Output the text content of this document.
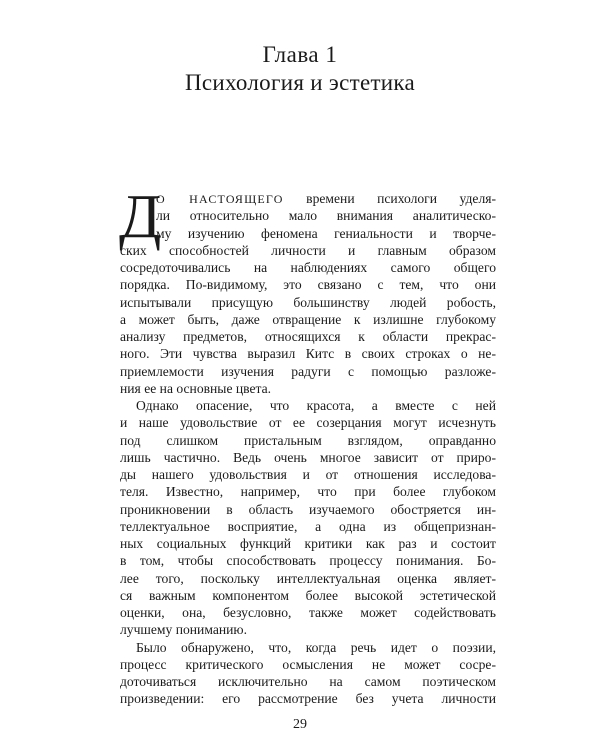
Глава 1
Психология и эстетика
Д
О НАСТОЯЩЕГО времени психологи уделя-
ли относительно мало внимания аналитическо-
му изучению феномена гениальности и творче-
ских способностей личности и главным образом
сосредоточивались на наблюдениях самого общего
порядка. По-видимому, это связано с тем, что они
испытывали присущую большинству людей робость,
а может быть, даже отвращение к излишне глубокому
анализу предметов, относящихся к области прекрас-
ного. Эти чувства выразил Китс в своих строках о не-
приемлемости изучения радуги с помощью разложе-
ния ее на основные цвета.
Однако опасение, что красота, а вместе с ней
и наше удовольствие от ее созерцания могут исчезнуть
под слишком пристальным взглядом, оправданно
лишь частично. Ведь очень многое зависит от приро-
ды нашего удовольствия и от отношения исследова-
теля. Известно, например, что при более глубоком
проникновении в область изучаемого обостряется ин-
теллектуальное восприятие, а одна из общепризнан-
ных социальных функций критики как раз и состоит
в том, чтобы способствовать процессу понимания. Бо-
лее того, поскольку интеллектуальная оценка являет-
ся важным компонентом более высокой эстетической
оценки, она, безусловно, также может содействовать
лучшему пониманию.
Было обнаружено, что, когда речь идет о поэзии,
процесс критического осмысления не может сосре-
доточиваться исключительно на самом поэтическом
произведении: его рассмотрение без учета личности
29
